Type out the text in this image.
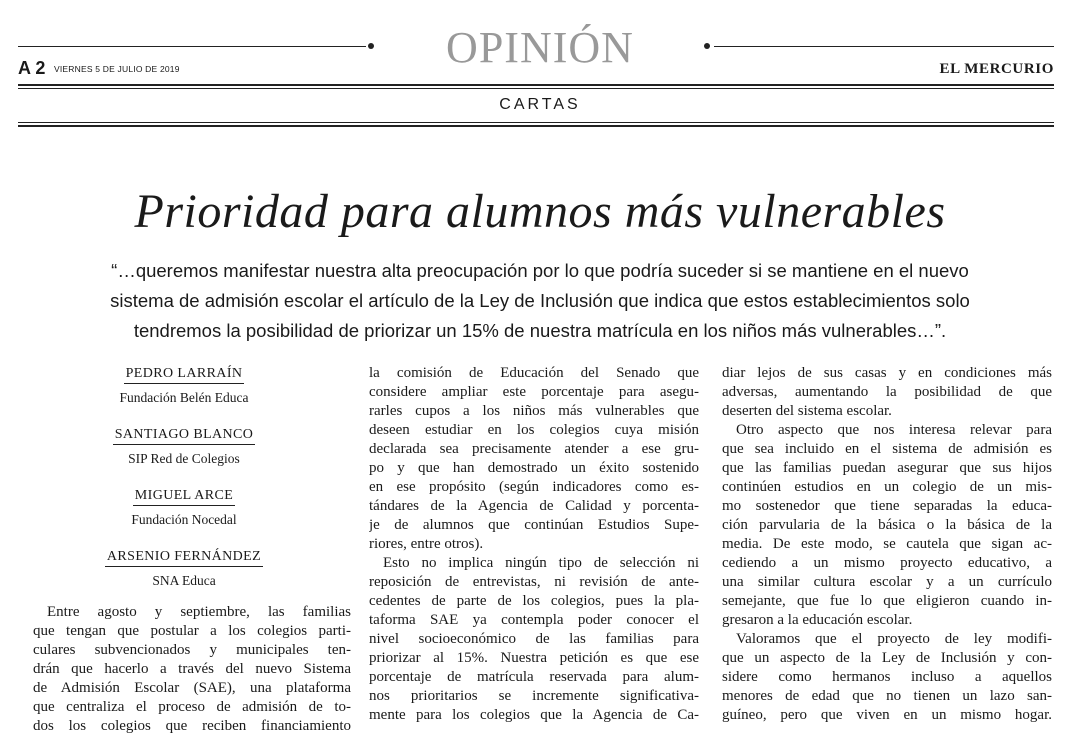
OPINIÓN
A 2 VIERNES 5 DE JULIO DE 2019	EL MERCURIO
CARTAS
Prioridad para alumnos más vulnerables
“…queremos manifestar nuestra alta preocupación por lo que podría suceder si se mantiene en el nuevo
sistema de admisión escolar el artículo de la Ley de Inclusión que indica que estos establecimientos solo
tendremos la posibilidad de priorizar un 15% de nuestra matrícula en los niños más vulnerables…”.
PEDRO LARRAÍN
Fundación Belén Educa
SANTIAGO BLANCO
SIP Red de Colegios
MIGUEL ARCE
Fundación Nocedal
ARSENIO FERNÁNDEZ
SNA Educa
Entre agosto y septiembre, las familias
que tengan que postular a los colegios parti-
culares subvencionados y municipales ten-
drán que hacerlo a través del nuevo Sistema
de Admisión Escolar (SAE), una plataforma
que centraliza el proceso de admisión de to-
dos los colegios que reciben financiamiento
la comisión de Educación del Senado que
considere ampliar este porcentaje para asegu-
rarles cupos a los niños más vulnerables que
deseen estudiar en los colegios cuya misión
declarada sea precisamente atender a ese gru-
po y que han demostrado un éxito sostenido
en ese propósito (según indicadores como es-
tándares de la Agencia de Calidad y porcenta-
je de alumnos que continúan Estudios Supe-
riores, entre otros).
Esto no implica ningún tipo de selección ni
reposición de entrevistas, ni revisión de ante-
cedentes de parte de los colegios, pues la pla-
taforma SAE ya contempla poder conocer el
nivel socioeconómico de las familias para
priorizar al 15%. Nuestra petición es que ese
porcentaje de matrícula reservada para alum-
nos prioritarios se incremente significativa-
mente para los colegios que la Agencia de Ca-
diar lejos de sus casas y en condiciones más
adversas, aumentando la posibilidad de que
deserten del sistema escolar.
Otro aspecto que nos interesa relevar para
que sea incluido en el sistema de admisión es
que las familias puedan asegurar que sus hijos
continúen estudios en un colegio de un mis-
mo sostenedor que tiene separadas la educa-
ción parvularia de la básica o la básica de la
media. De este modo, se cautela que sigan ac-
cediendo a un mismo proyecto educativo, a
una similar cultura escolar y a un currículo
semejante, que fue lo que eligieron cuando in-
gresaron a la educación escolar.
Valoramos que el proyecto de ley modifi-
que un aspecto de la Ley de Inclusión y con-
sidere como hermanos incluso a aquellos
menores de edad que no tienen un lazo san-
guíneo, pero que viven en un mismo hogar.
